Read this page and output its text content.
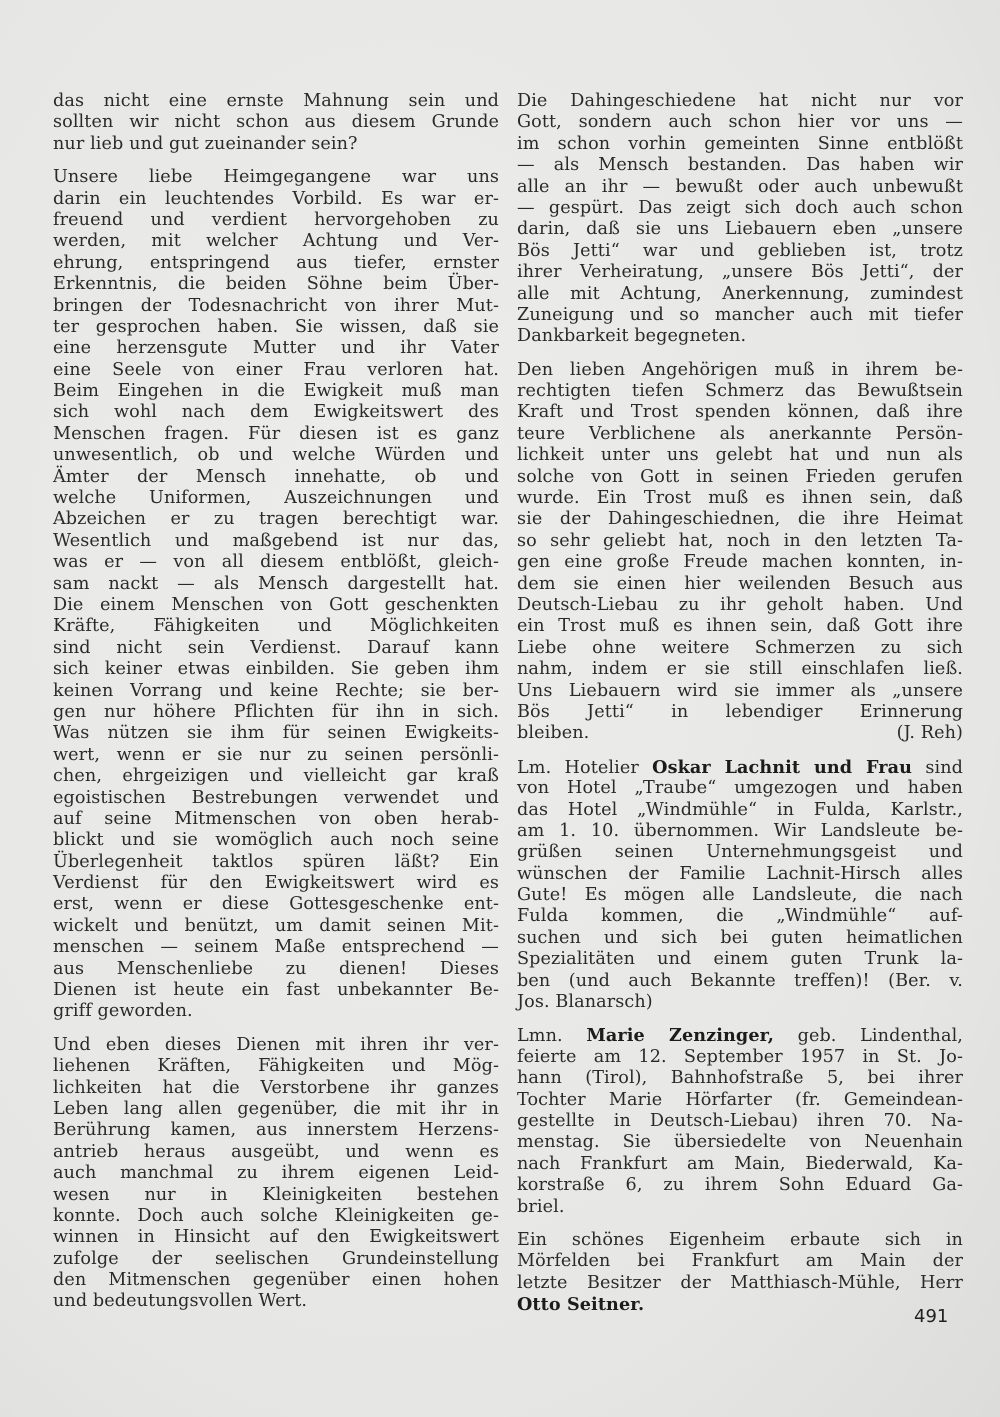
das nicht eine ernste Mahnung sein und
sollten wir nicht schon aus diesem Grunde
nur lieb und gut zueinander sein?
Unsere liebe Heimgegangene war uns
darin ein leuchtendes Vorbild. Es war er-
freuend und verdient hervorgehoben zu
werden, mit welcher Achtung und Ver-
ehrung, entspringend aus tiefer, ernster
Erkenntnis, die beiden Söhne beim Über-
bringen der Todesnachricht von ihrer Mut-
ter gesprochen haben. Sie wissen, daß sie
eine herzensgute Mutter und ihr Vater
eine Seele von einer Frau verloren hat.
Beim Eingehen in die Ewigkeit muß man
sich wohl nach dem Ewigkeitswert des
Menschen fragen. Für diesen ist es ganz
unwesentlich, ob und welche Würden und
Ämter der Mensch innehatte, ob und
welche Uniformen, Auszeichnungen und
Abzeichen er zu tragen berechtigt war.
Wesentlich und maßgebend ist nur das,
was er — von all diesem entblößt, gleich-
sam nackt — als Mensch dargestellt hat.
Die einem Menschen von Gott geschenkten
Kräfte, Fähigkeiten und Möglichkeiten
sind nicht sein Verdienst. Darauf kann
sich keiner etwas einbilden. Sie geben ihm
keinen Vorrang und keine Rechte; sie ber-
gen nur höhere Pflichten für ihn in sich.
Was nützen sie ihm für seinen Ewigkeits-
wert, wenn er sie nur zu seinen persönli-
chen, ehrgeizigen und vielleicht gar kraß
egoistischen Bestrebungen verwendet und
auf seine Mitmenschen von oben herab-
blickt und sie womöglich auch noch seine
Überlegenheit taktlos spüren läßt? Ein
Verdienst für den Ewigkeitswert wird es
erst, wenn er diese Gottesgeschenke ent-
wickelt und benützt, um damit seinen Mit-
menschen — seinem Maße entsprechend —
aus Menschenliebe zu dienen! Dieses
Dienen ist heute ein fast unbekannter Be-
griff geworden.
Und eben dieses Dienen mit ihren ihr ver-
liehenen Kräften, Fähigkeiten und Mög-
lichkeiten hat die Verstorbene ihr ganzes
Leben lang allen gegenüber, die mit ihr in
Berührung kamen, aus innerstem Herzens-
antrieb heraus ausgeübt, und wenn es
auch manchmal zu ihrem eigenen Leid-
wesen nur in Kleinigkeiten bestehen
konnte. Doch auch solche Kleinigkeiten ge-
winnen in Hinsicht auf den Ewigkeitswert
zufolge der seelischen Grundeinstellung
den Mitmenschen gegenüber einen hohen
und bedeutungsvollen Wert.
Die Dahingeschiedene hat nicht nur vor
Gott, sondern auch schon hier vor uns —
im schon vorhin gemeinten Sinne entblößt
— als Mensch bestanden. Das haben wir
alle an ihr — bewußt oder auch unbewußt
— gespürt. Das zeigt sich doch auch schon
darin, daß sie uns Liebauern eben „unsere
Bös Jetti“ war und geblieben ist, trotz
ihrer Verheiratung, „unsere Bös Jetti“, der
alle mit Achtung, Anerkennung, zumindest
Zuneigung und so mancher auch mit tiefer
Dankbarkeit begegneten.
Den lieben Angehörigen muß in ihrem be-
rechtigten tiefen Schmerz das Bewußtsein
Kraft und Trost spenden können, daß ihre
teure Verblichene als anerkannte Persön-
lichkeit unter uns gelebt hat und nun als
solche von Gott in seinen Frieden gerufen
wurde. Ein Trost muß es ihnen sein, daß
sie der Dahingeschiednen, die ihre Heimat
so sehr geliebt hat, noch in den letzten Ta-
gen eine große Freude machen konnten, in-
dem sie einen hier weilenden Besuch aus
Deutsch-Liebau zu ihr geholt haben. Und
ein Trost muß es ihnen sein, daß Gott ihre
Liebe ohne weitere Schmerzen zu sich
nahm, indem er sie still einschlafen ließ.
Uns Liebauern wird sie immer als „unsere
Bös Jetti“ in lebendiger Erinnerung
bleiben.	(J. Reh)
Lm. Hotelier Oskar Lachnit und Frau sind
von Hotel „Traube“ umgezogen und haben
das Hotel „Windmühle“ in Fulda, Karlstr.,
am 1. 10. übernommen. Wir Landsleute be-
grüßen seinen Unternehmungsgeist und
wünschen der Familie Lachnit-Hirsch alles
Gute! Es mögen alle Landsleute, die nach
Fulda kommen, die „Windmühle“ auf-
suchen und sich bei guten heimatlichen
Spezialitäten und einem guten Trunk la-
ben (und auch Bekannte treffen)! (Ber. v.
Jos. Blanarsch)
Lmn. Marie Zenzinger, geb. Lindenthal,
feierte am 12. September 1957 in St. Jo-
hann (Tirol), Bahnhofstraße 5, bei ihrer
Tochter Marie Hörfarter (fr. Gemeindean-
gestellte in Deutsch-Liebau) ihren 70. Na-
menstag. Sie übersiedelte von Neuenhain
nach Frankfurt am Main, Biederwald, Ka-
korstraße 6, zu ihrem Sohn Eduard Ga-
briel.
Ein schönes Eigenheim erbaute sich in
Mörfelden bei Frankfurt am Main der
letzte Besitzer der Matthiasch-Mühle, Herr
Otto Seitner.
491
